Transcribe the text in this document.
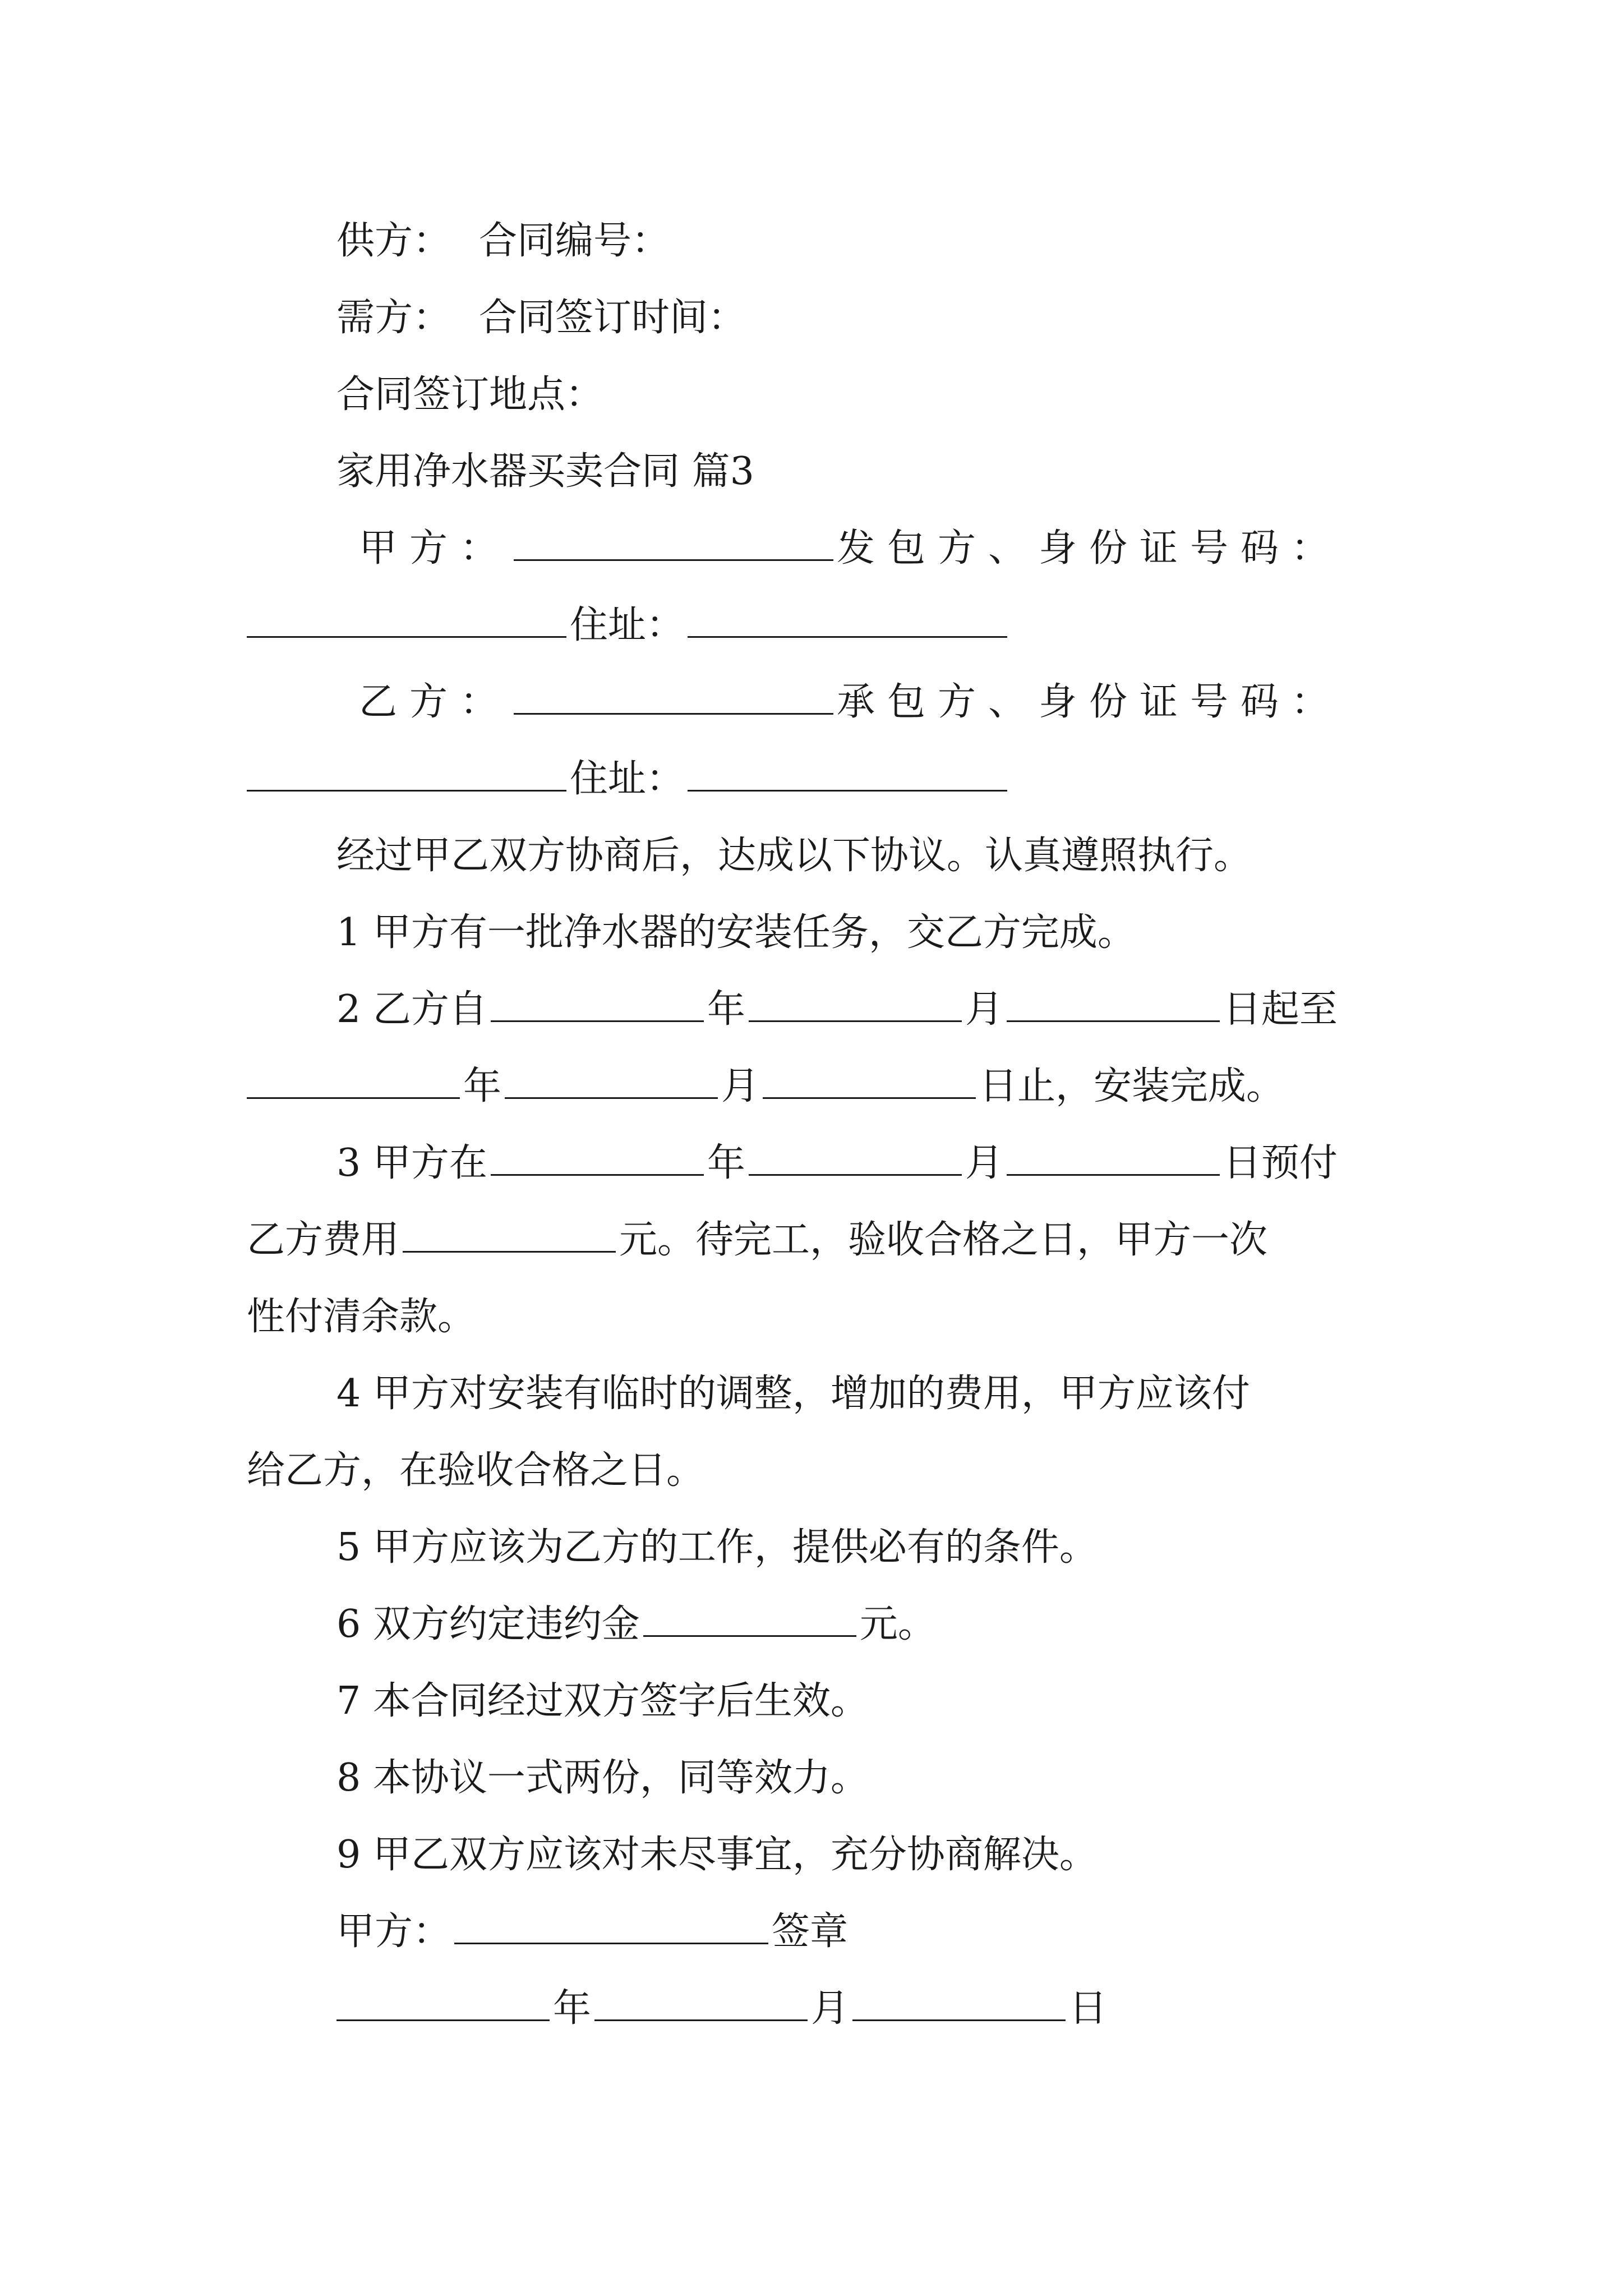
供方： 合同编号：
需方： 合同签订时间：
合同签订地点：
家用净水器买卖合同 篇3
甲方：	发包方、身份证号码：
住址：
乙方：	承包方、身份证号码：
住址：
经过甲乙双方协商后，达成以下协议。认真遵照执行。
1 甲方有一批净水器的安装任务，交乙方完成。
2 乙方自	年	月	日起至
年	月	日止，安装完成。
3 甲方在	年	月	日预付
乙方费用	元。待完工，验收合格之日，甲方一次
性付清余款。
4 甲方对安装有临时的调整，增加的费用，甲方应该付
给乙方，在验收合格之日。
5 甲方应该为乙方的工作，提供必有的条件。
6 双方约定违约金	元。
7 本合同经过双方签字后生效。
8 本协议一式两份，同等效力。
9 甲乙双方应该对未尽事宜，充分协商解决。
甲方：	签章
年	月	日
